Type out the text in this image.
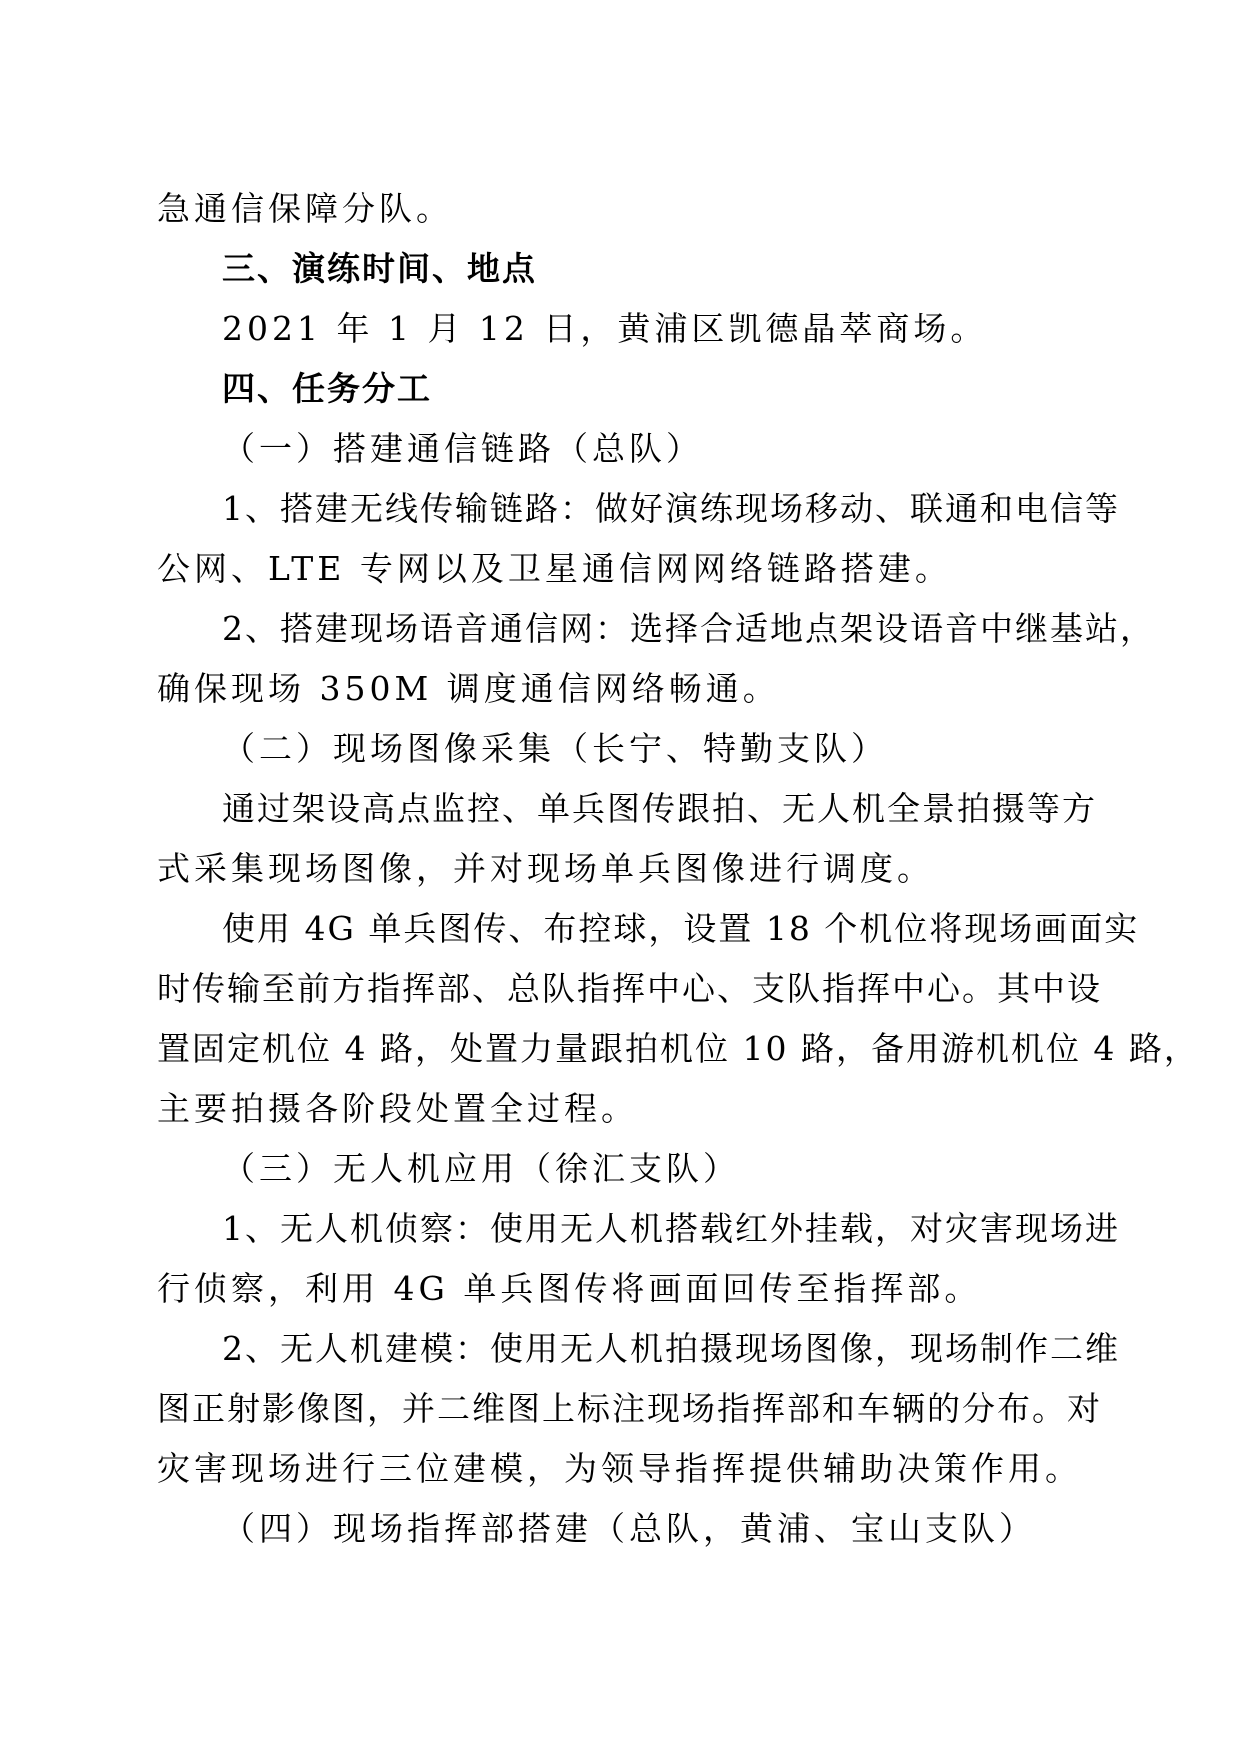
急通信保障分队。
三、演练时间、地点
2021 年 1 月 12 日，黄浦区凯德晶萃商场。
四、任务分工
（一）搭建通信链路（总队）
1、搭建无线传输链路：做好演练现场移动、联通和电信等
公网、LTE 专网以及卫星通信网网络链路搭建。
2、搭建现场语音通信网：选择合适地点架设语音中继基站，
确保现场 350M 调度通信网络畅通。
（二）现场图像采集（长宁、特勤支队）
通过架设高点监控、单兵图传跟拍、无人机全景拍摄等方
式采集现场图像，并对现场单兵图像进行调度。
使用 4G 单兵图传、布控球，设置 18 个机位将现场画面实
时传输至前方指挥部、总队指挥中心、支队指挥中心。其中设
置固定机位 4 路，处置力量跟拍机位 10 路，备用游机机位 4 路，
主要拍摄各阶段处置全过程。
（三）无人机应用（徐汇支队）
1、无人机侦察：使用无人机搭载红外挂载，对灾害现场进
行侦察，利用 4G 单兵图传将画面回传至指挥部。
2、无人机建模：使用无人机拍摄现场图像，现场制作二维
图正射影像图，并二维图上标注现场指挥部和车辆的分布。对
灾害现场进行三位建模，为领导指挥提供辅助决策作用。
（四）现场指挥部搭建（总队，黄浦、宝山支队）
